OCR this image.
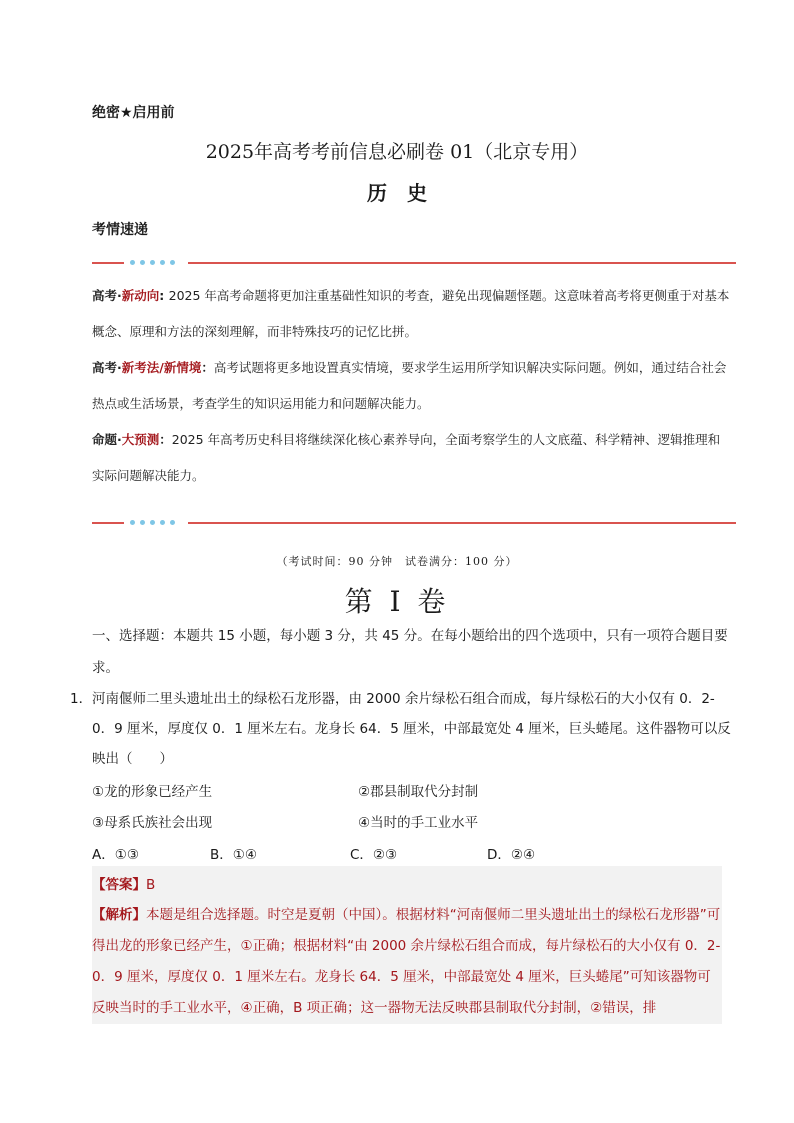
绝密★启用前
2025年高考考前信息必刷卷 01（北京专用）
历史
考情速递
高考·新动向: 2025 年高考命题将更加注重基础性知识的考查，避免出现偏题怪题。这意味着高考将更侧重于对基本概念、原理和方法的深刻理解，而非特殊技巧的记忆比拼。
高考·新考法/新情境：高考试题将更多地设置真实情境，要求学生运用所学知识解决实际问题。例如，通过结合社会热点或生活场景，考查学生的知识运用能力和问题解决能力。
命题·大预测：2025 年高考历史科目将继续深化核心素养导向，全面考察学生的人文底蕴、科学精神、逻辑推理和实际问题解决能力。
（考试时间：90 分钟　试卷满分：100 分）
第 I 卷
一、选择题：本题共 15 小题，每小题 3 分，共 45 分。在每小题给出的四个选项中，只有一项符合题目要求。
1． 河南偃师二里头遗址出土的绿松石龙形器，由 2000 余片绿松石组合而成，每片绿松石的大小仅有 0．2-0．9 厘米，厚度仅 0．1 厘米左右。龙身长 64．5 厘米，中部最宽处 4 厘米，巨头蜷尾。这件器物可以反映出（　　）
①龙的形象已经产生	②郡县制取代分封制
③母系氏族社会出现	④当时的手工业水平
A．①③	B．①④	C．②③	D．②④
【答案】B
【解析】本题是组合选择题。时空是夏朝（中国）。根据材料“河南偃师二里头遗址出土的绿松石龙形器”可得出龙的形象已经产生，①正确；根据材料“由 2000 余片绿松石组合而成，每片绿松石的大小仅有 0．2-0．9 厘米，厚度仅 0．1 厘米左右。龙身长 64．5 厘米，中部最宽处 4 厘米，巨头蜷尾”可知该器物可反映当时的手工业水平，④正确，B 项正确；这一器物无法反映郡县制取代分封制，②错误，排
